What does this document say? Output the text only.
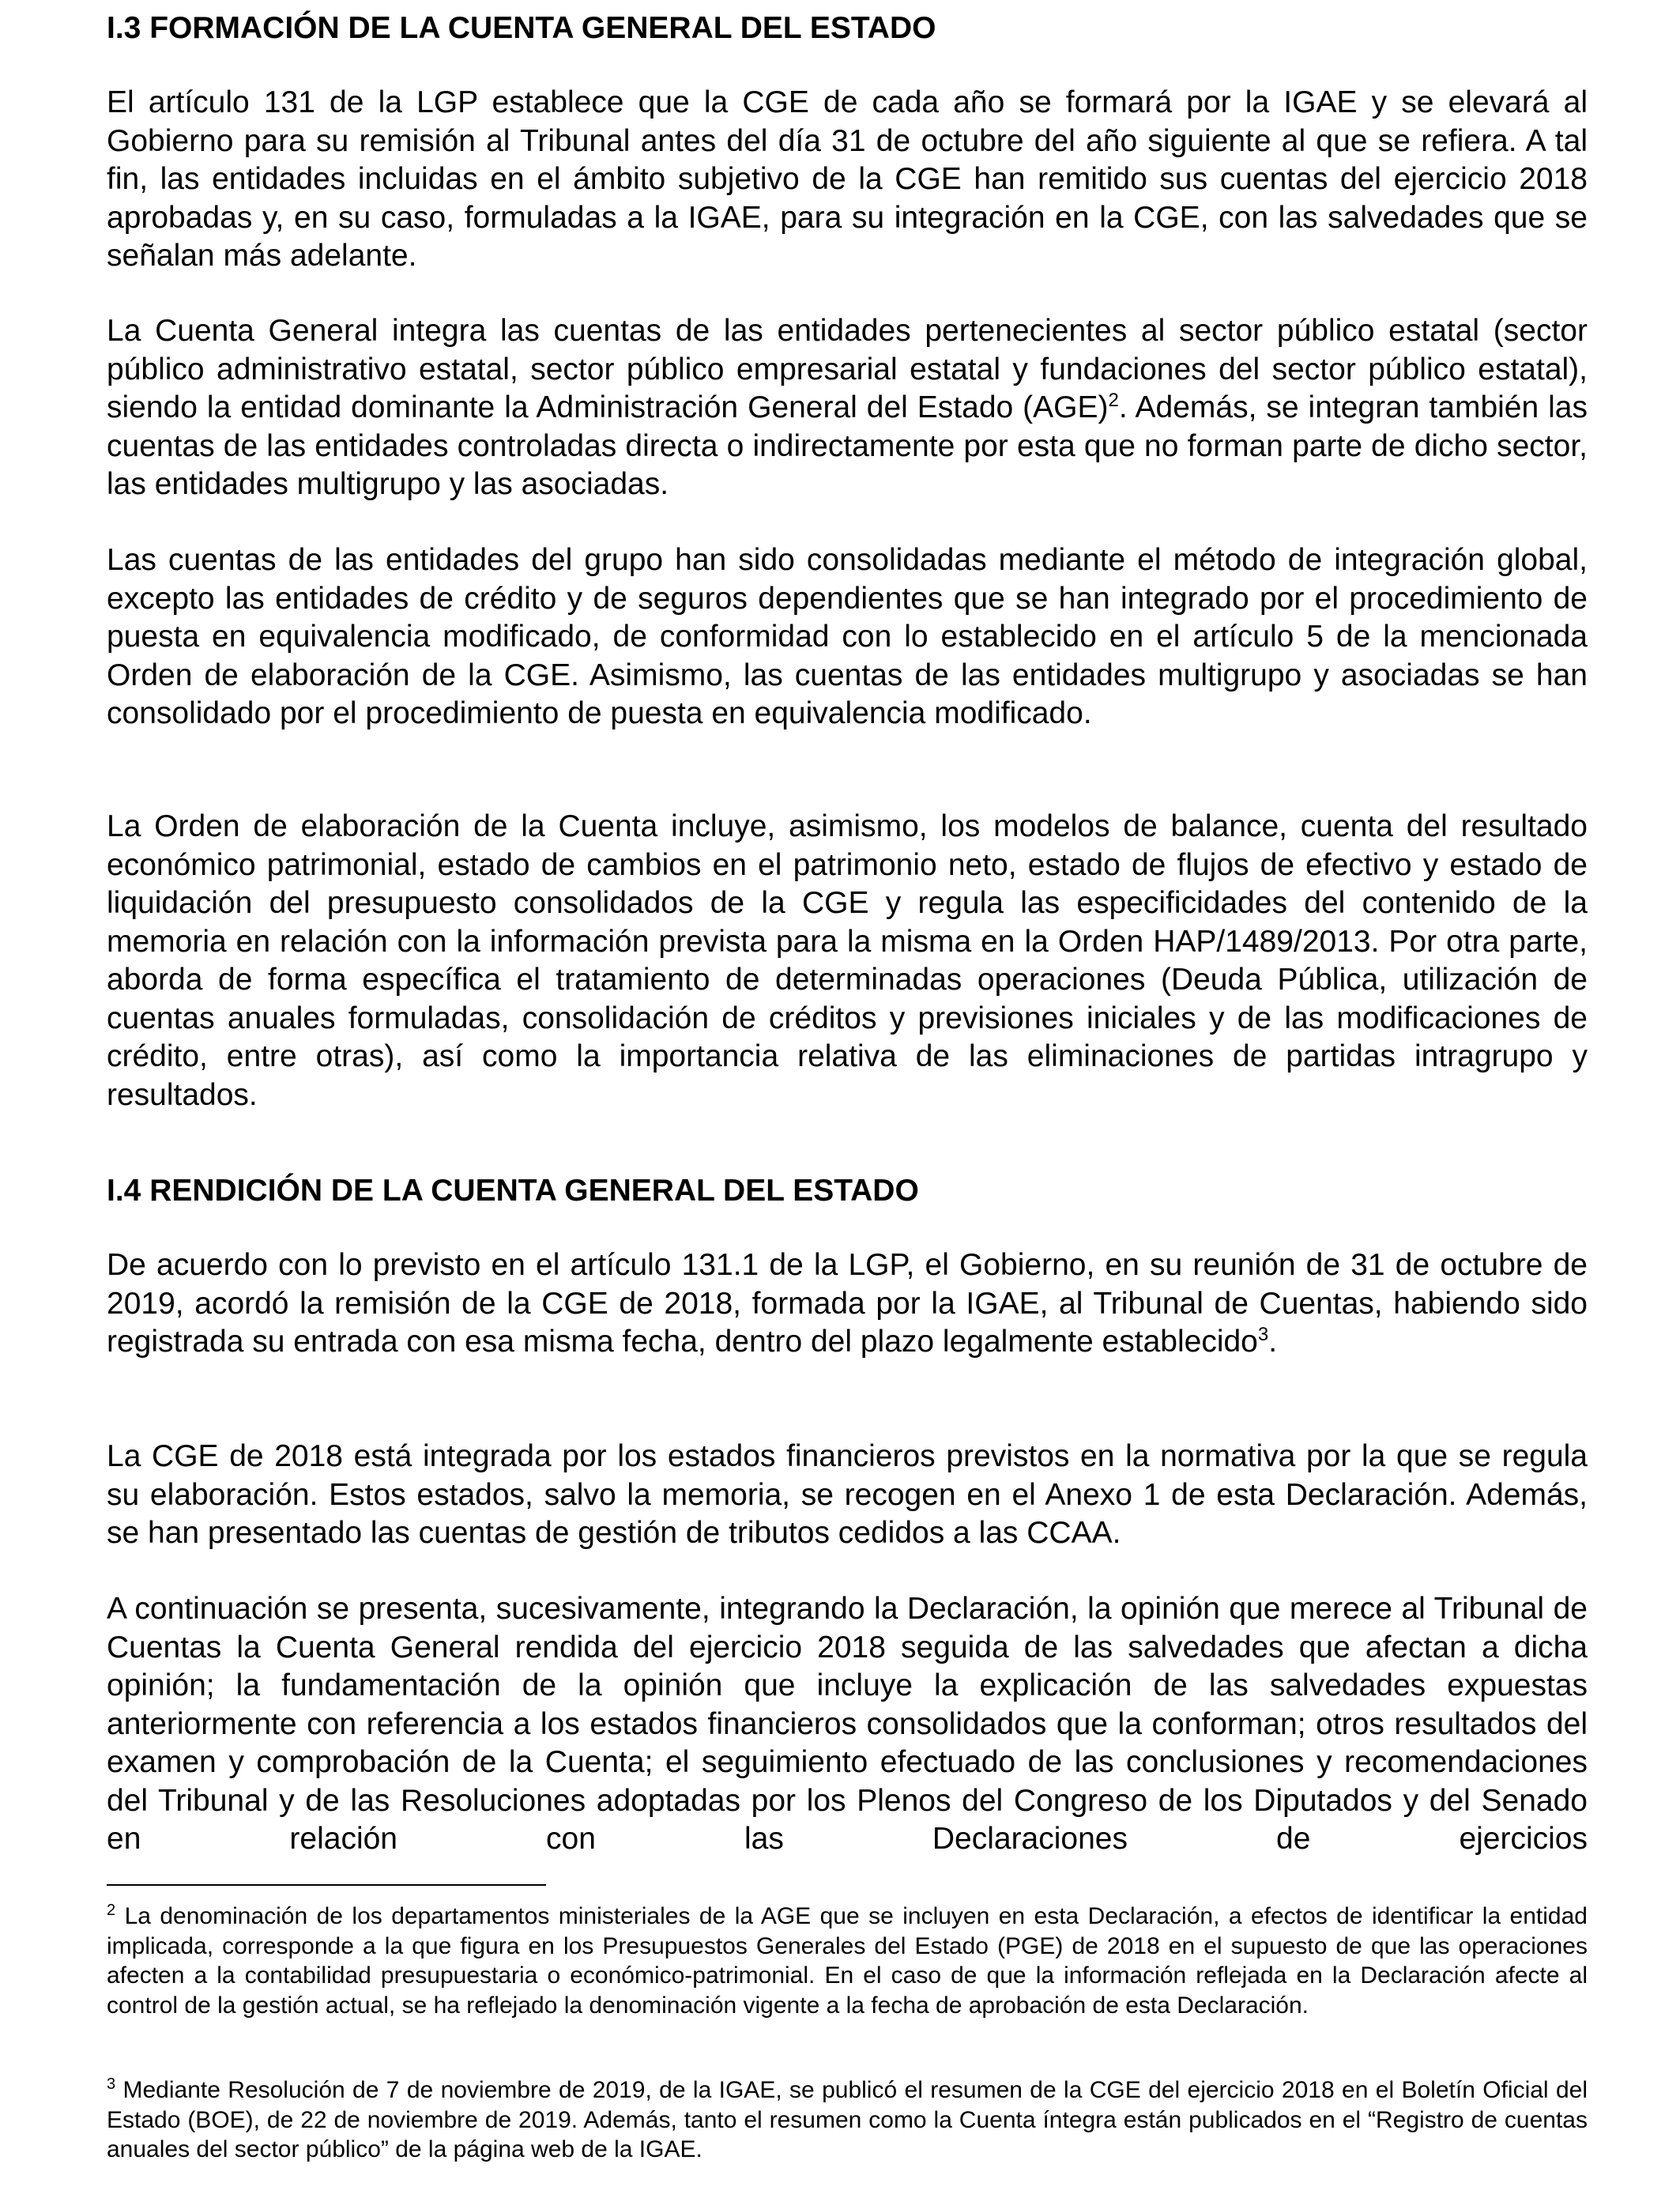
I.3 FORMACIÓN DE LA CUENTA GENERAL DEL ESTADO

El artículo 131 de la LGP establece que la CGE de cada año se formará por la IGAE y se elevará al Gobierno para su remisión al Tribunal antes del día 31 de octubre del año siguiente al que se refiera. A tal fin, las entidades incluidas en el ámbito subjetivo de la CGE han remitido sus cuentas del ejercicio 2018 aprobadas y, en su caso, formuladas a la IGAE, para su integración en la CGE, con las salvedades que se señalan más adelante.

La Cuenta General integra las cuentas de las entidades pertenecientes al sector público estatal (sector público administrativo estatal, sector público empresarial estatal y fundaciones del sector público estatal), siendo la entidad dominante la Administración General del Estado (AGE)$^2$. Además, se integran también las cuentas de las entidades controladas directa o indirectamente por esta que no forman parte de dicho sector, las entidades multigrupo y las asociadas.

Las cuentas de las entidades del grupo han sido consolidadas mediante el método de integración global, excepto las entidades de crédito y de seguros dependientes que se han integrado por el procedimiento de puesta en equivalencia modificado, de conformidad con lo establecido en el artículo 5 de la mencionada Orden de elaboración de la CGE. Asimismo, las cuentas de las entidades multigrupo y asociadas se han consolidado por el procedimiento de puesta en equivalencia modificado.

La Orden de elaboración de la Cuenta incluye, asimismo, los modelos de balance, cuenta del resultado económico patrimonial, estado de cambios en el patrimonio neto, estado de flujos de efectivo y estado de liquidación del presupuesto consolidados de la CGE y regula las especificidades del contenido de la memoria en relación con la información prevista para la misma en la Orden HAP/1489/2013. Por otra parte, aborda de forma específica el tratamiento de determinadas operaciones (Deuda Pública, utilización de cuentas anuales formuladas, consolidación de créditos y previsiones iniciales y de las modificaciones de crédito, entre otras), así como la importancia relativa de las eliminaciones de partidas intragrupo y resultados.

I.4 RENDICIÓN DE LA CUENTA GENERAL DEL ESTADO

De acuerdo con lo previsto en el artículo 131.1 de la LGP, el Gobierno, en su reunión de 31 de octubre de 2019, acordó la remisión de la CGE de 2018, formada por la IGAE, al Tribunal de Cuentas, habiendo sido registrada su entrada con esa misma fecha, dentro del plazo legalmente establecido$^3$.

La CGE de 2018 está integrada por los estados financieros previstos en la normativa por la que se regula su elaboración. Estos estados, salvo la memoria, se recogen en el Anexo 1 de esta Declaración. Además, se han presentado las cuentas de gestión de tributos cedidos a las CCAA.

A continuación se presenta, sucesivamente, integrando la Declaración, la opinión que merece al Tribunal de Cuentas la Cuenta General rendida del ejercicio 2018 seguida de las salvedades que afectan a dicha opinión; la fundamentación de la opinión que incluye la explicación de las salvedades expuestas anteriormente con referencia a los estados financieros consolidados que la conforman; otros resultados del examen y comprobación de la Cuenta; el seguimiento efectuado de las conclusiones y recomendaciones del Tribunal y de las Resoluciones adoptadas por los Plenos del Congreso de los Diputados y del Senado en relación con las Declaraciones de ejercicios

$^2$ La denominación de los departamentos ministeriales de la AGE que se incluyen en esta Declaración, a efectos de identificar la entidad implicada, corresponde a la que figura en los Presupuestos Generales del Estado (PGE) de 2018 en el supuesto de que las operaciones afecten a la contabilidad presupuestaria o económico-patrimonial. En el caso de que la información reflejada en la Declaración afecte al control de la gestión actual, se ha reflejado la denominación vigente a la fecha de aprobación de esta Declaración.

$^3$ Mediante Resolución de 7 de noviembre de 2019, de la IGAE, se publicó el resumen de la CGE del ejercicio 2018 en el Boletín Oficial del Estado (BOE), de 22 de noviembre de 2019. Además, tanto el resumen como la Cuenta íntegra están publicados en el “Registro de cuentas anuales del sector público” de la página web de la IGAE.
